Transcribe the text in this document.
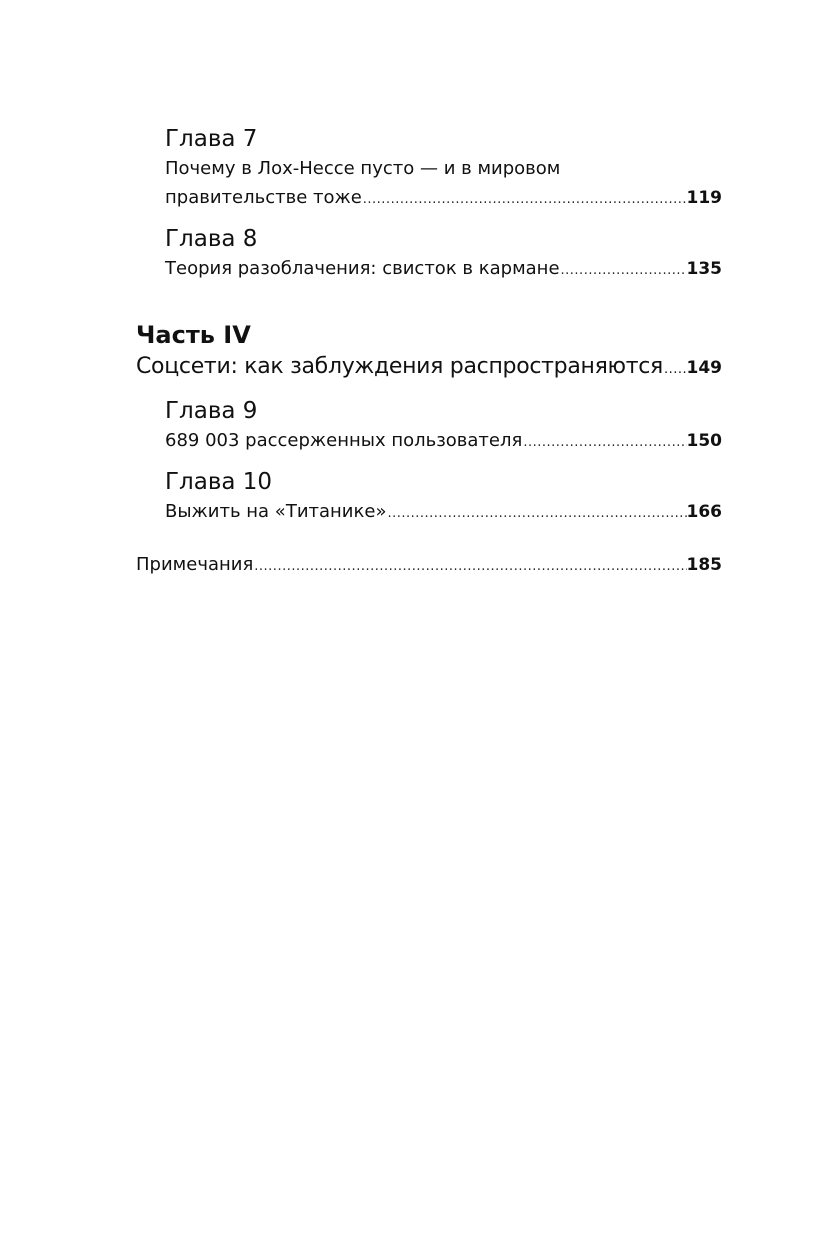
Глава 7
Почему в Лох-Нессе пусто — и в мировом
правительстве тоже .....	119
Глава 8
Теория разоблачения: свисток в кармане .....	135
Часть IV
Соцсети: как заблуждения распространяются ..... 149
Глава 9
689 003 рассерженных пользователя .....	150
Глава 10
Выжить на «Титанике» .....	166
Примечания .....	185
